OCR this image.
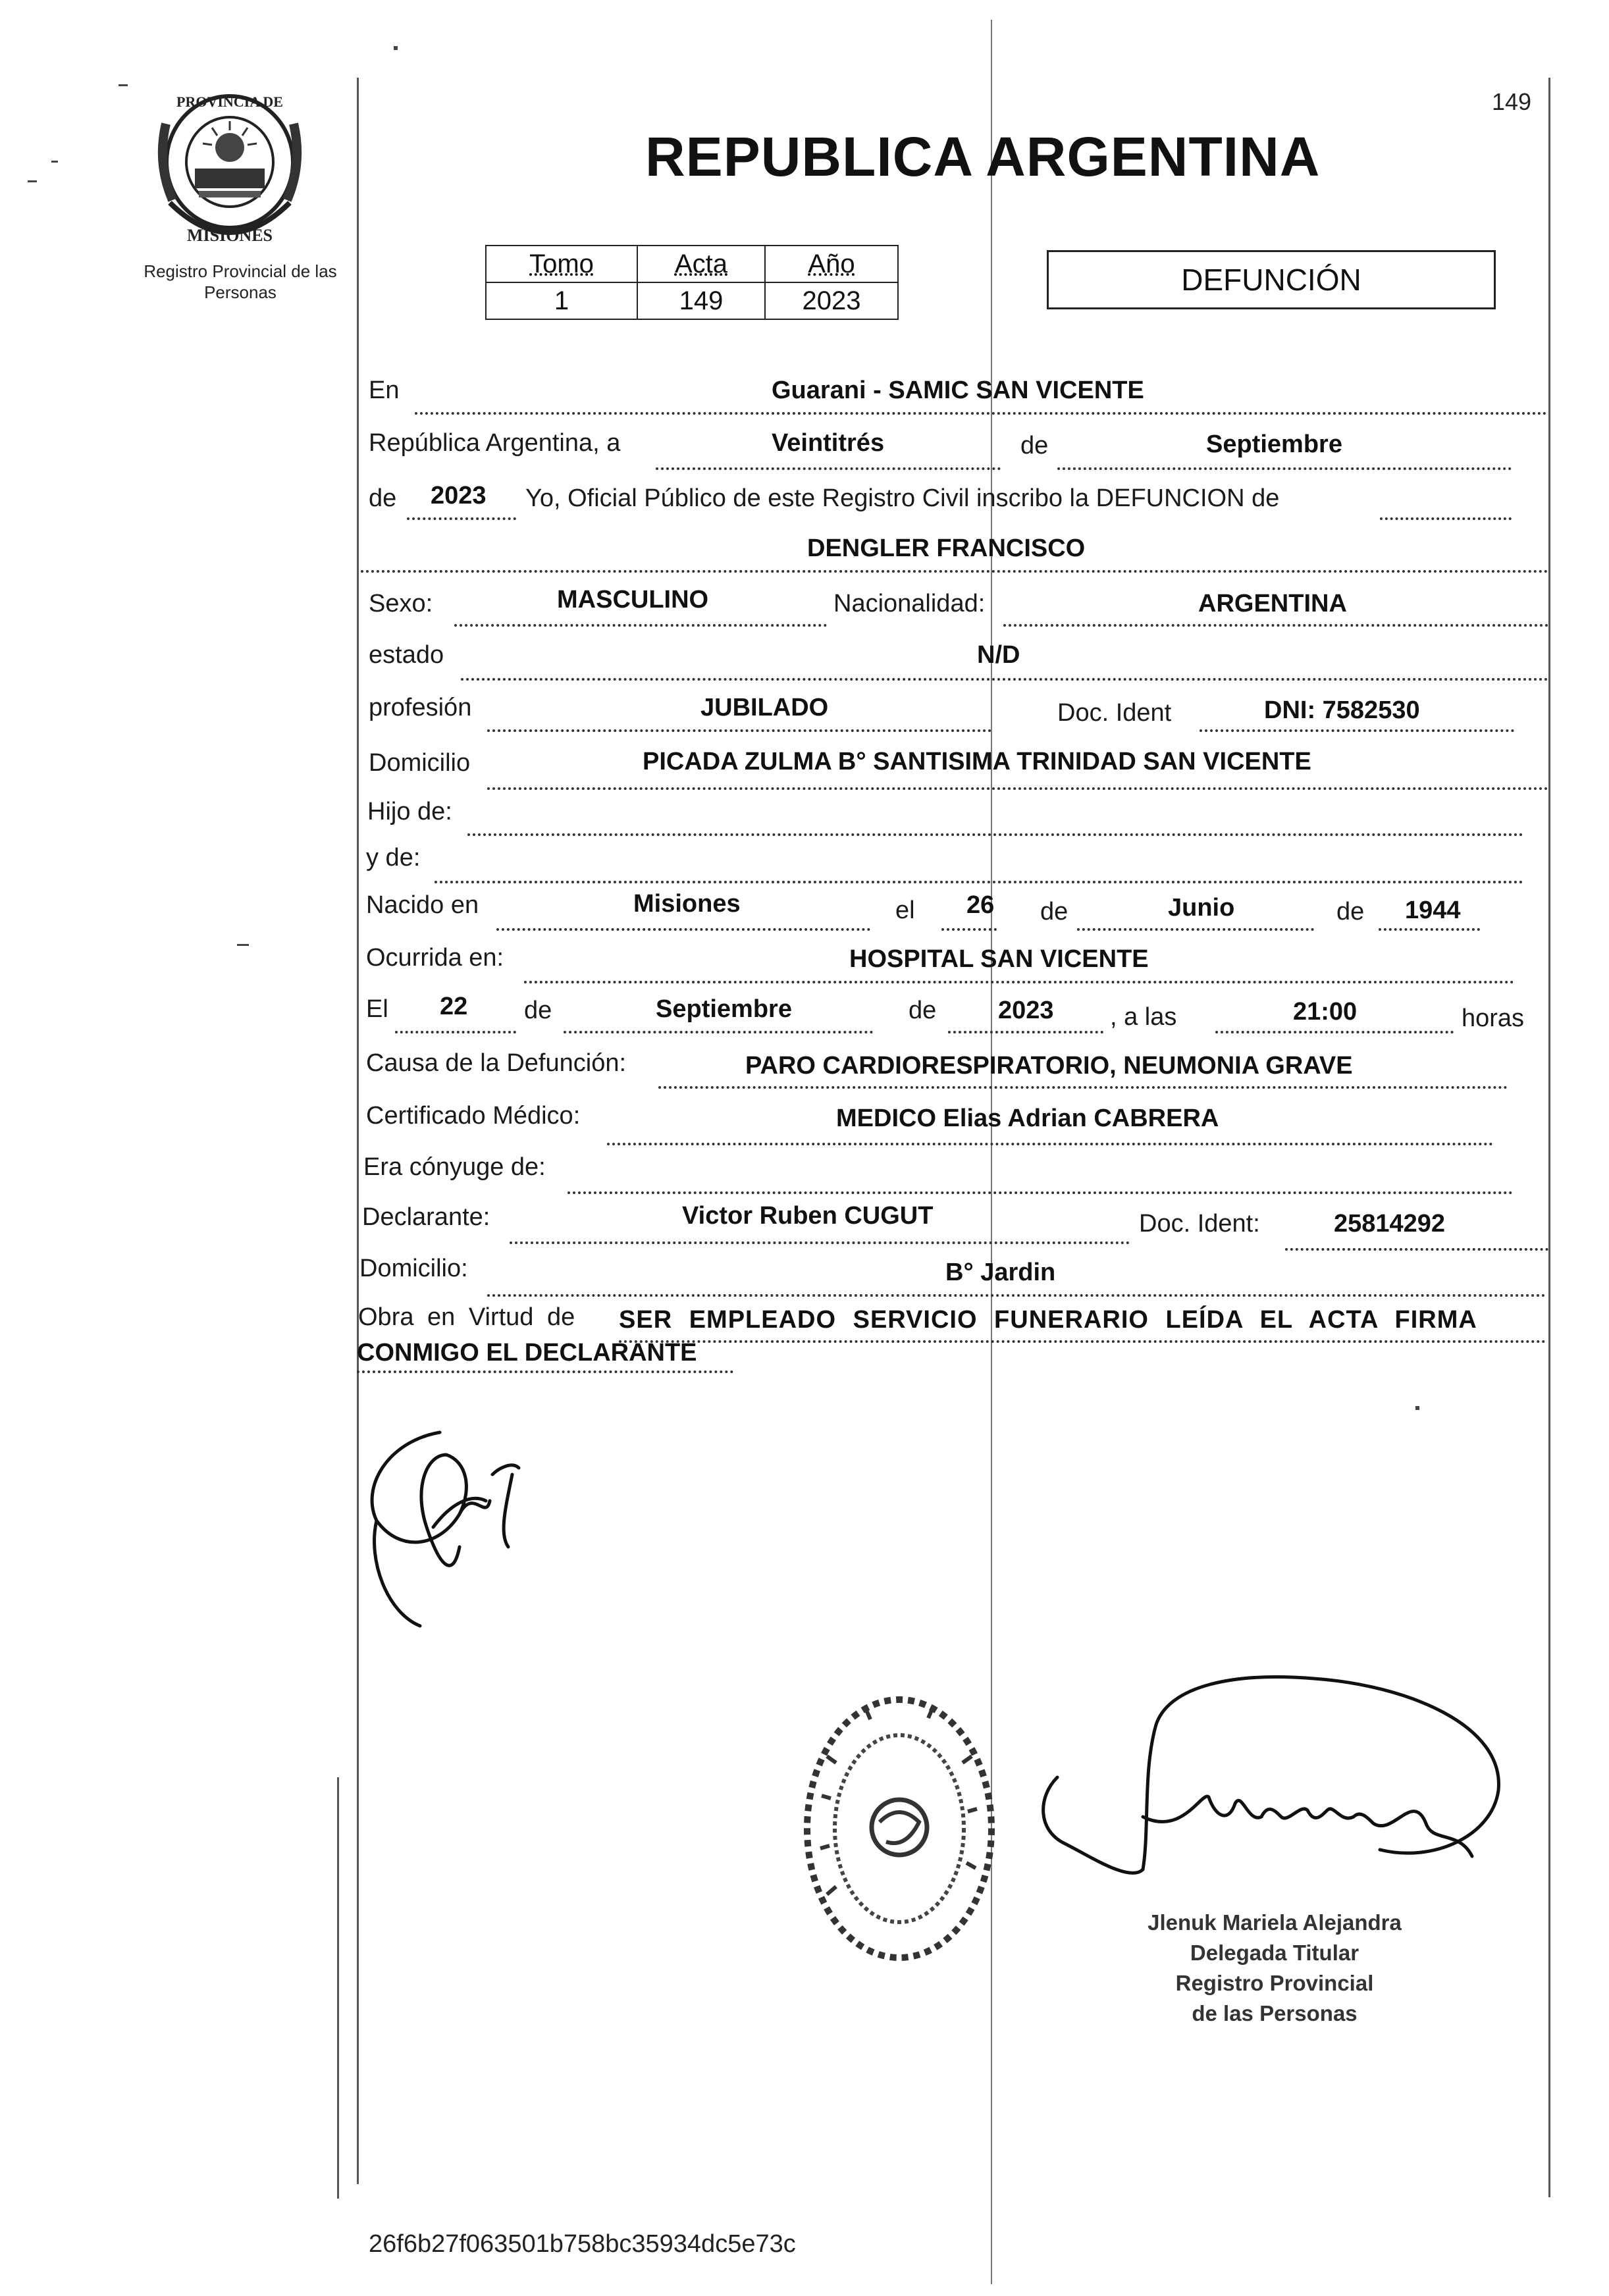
PROVINCIA DE
MISIONES
Registro Provincial de las Personas
149
REPUBLICA ARGENTINA
Tomo	Acta	Año
1	149	2023
DEFUNCIÓN
En	Guarani - SAMIC SAN VICENTE
República Argentina, a	Veintitrés	de	Septiembre
de 2023 Yo, Oficial Público de este Registro Civil inscribo la DEFUNCION de
DENGLER FRANCISCO
Sexo:	MASCULINO	Nacionalidad:	ARGENTINA
estado	N/D
profesión	JUBILADO	Doc. Ident	DNI: 7582530
Domicilio	PICADA ZULMA B° SANTISIMA TRINIDAD SAN VICENTE
Hijo de:
y de:
Nacido en	Misiones	el 26 de	Junio	de 1944
Ocurrida en:	HOSPITAL SAN VICENTE
El 22 de	Septiembre	de 2023 , a las	21:00	horas
Causa de la Defunción:	PARO CARDIORESPIRATORIO, NEUMONIA GRAVE
Certificado Médico:	MEDICO Elias Adrian CABRERA
Era cónyuge de:
Declarante:	Victor Ruben CUGUT	Doc. Ident:	25814292
Domicilio:	B° Jardin
Obra en Virtud de SER EMPLEADO SERVICIO FUNERARIO LEÍDA EL ACTA FIRMA
CONMIGO EL DECLARANTE
Jlenuk Mariela Alejandra
Delegada Titular
Registro Provincial
de las Personas
26f6b27f063501b758bc35934dc5e73c
